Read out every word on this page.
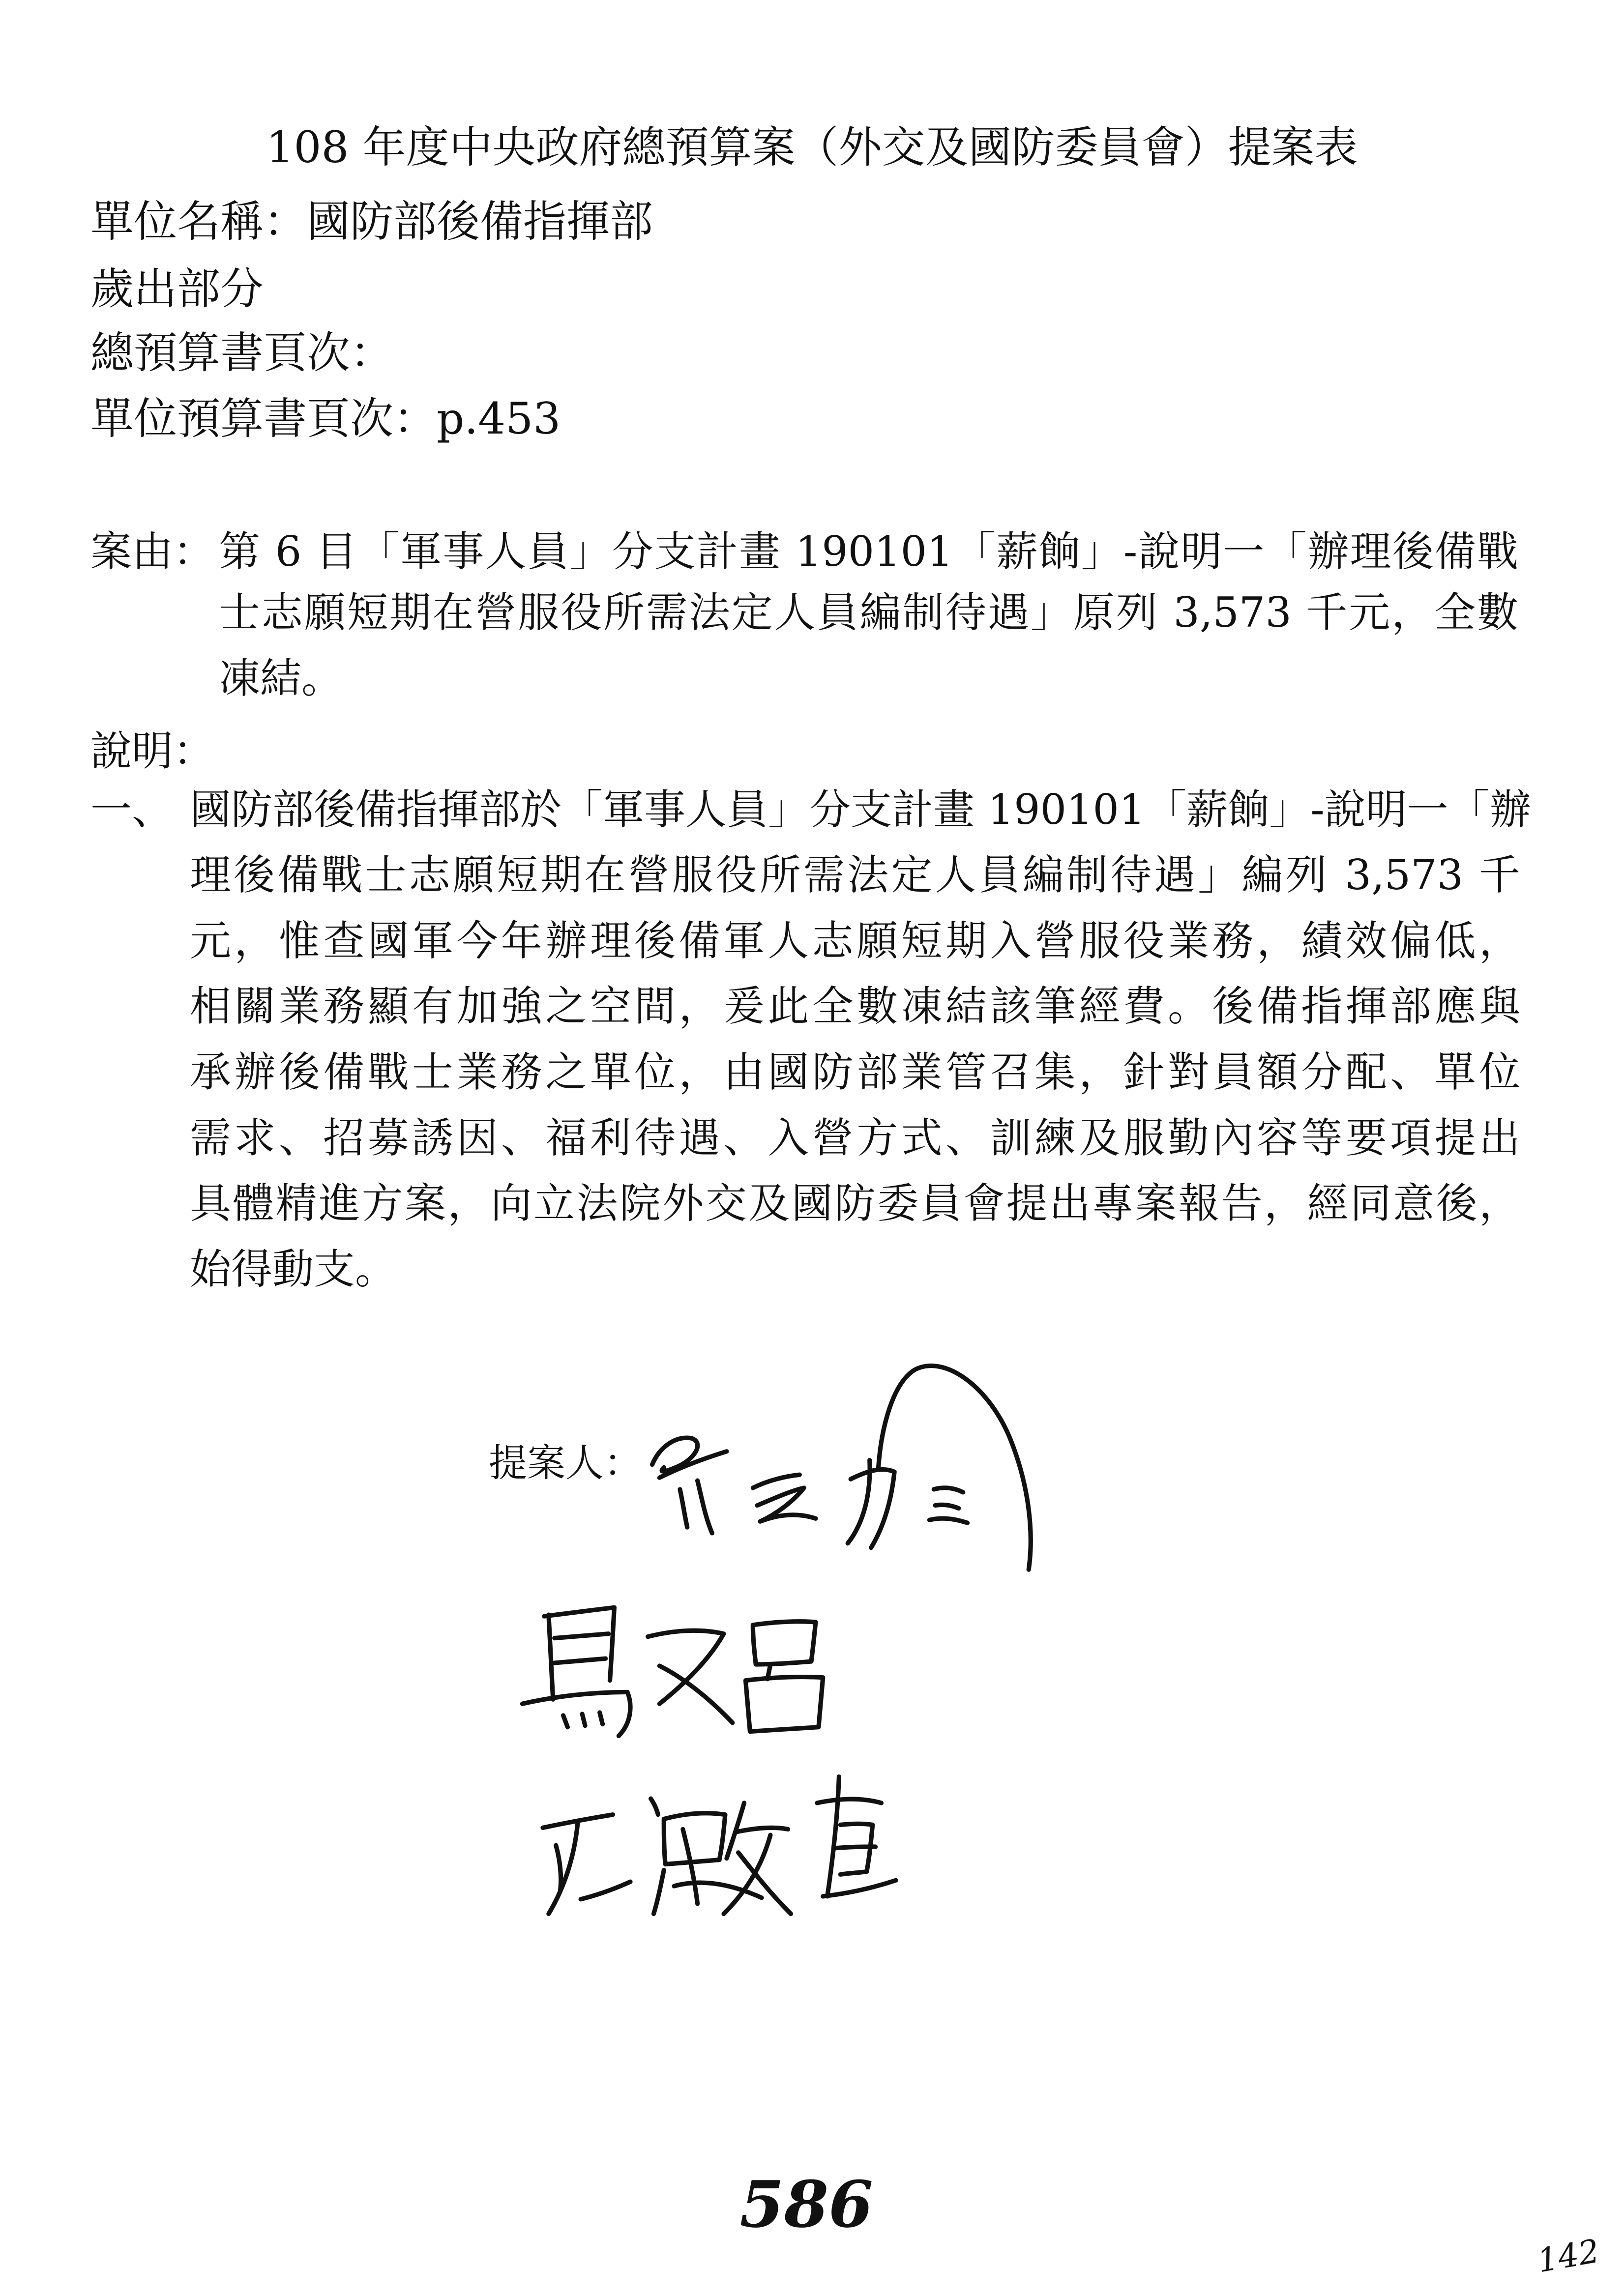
108 年度中央政府總預算案（外交及國防委員會）提案表
單位名稱：國防部後備指揮部
歲出部分
總預算書頁次：
單位預算書頁次：p.453
案由： 第 6 目「軍事人員」分支計畫 190101「薪餉」-說明一「辦理後備戰
士志願短期在營服役所需法定人員編制待遇」原列 3,573 千元，全數
凍結。
說明：
一、 國防部後備指揮部於「軍事人員」分支計畫 190101「薪餉」-說明一「辦
理後備戰士志願短期在營服役所需法定人員編制待遇」編列 3,573 千
元，惟查國軍今年辦理後備軍人志願短期入營服役業務，績效偏低，
相關業務顯有加強之空間，爰此全數凍結該筆經費。後備指揮部應與
承辦後備戰士業務之單位，由國防部業管召集，針對員額分配、單位
需求、招募誘因、福利待遇、入營方式、訓練及服勤內容等要項提出
具體精進方案，向立法院外交及國防委員會提出專案報告，經同意後，
始得動支。
提案人：
586
142
